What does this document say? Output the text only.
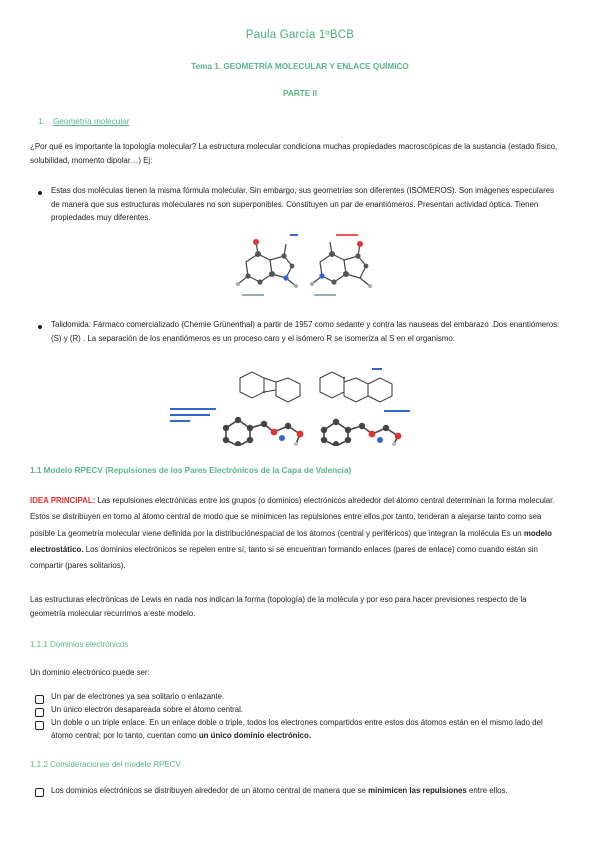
Paula García 1ºBCB
Tema 1. GEOMETRÍA MOLECULAR Y ENLACE QUÍMICO
PARTE II
1. Geometría molecular
¿Por qué es importante la topología molecular? La estructura molecular condiciona muchas propiedades macroscópicas de la sustancia (estado físico, solubilidad, momento dipolar…) Ej:
Estas dos moléculas tienen la misma fórmula molecular. Sin embargo, sus geometrías son diferentes (ISÓMEROS). Son imágenes especulares de manera que sus estructuras moleculares no son superponibles. Constituyen un par de enantiómeros. Presentan actividad óptica. Tienen propiedades muy diferentes.
Talidomida: Fármaco comercializado (Chemie Grünenthal) a partir de 1957 como sedante y contra las nauseas del embarazo .Dos enantiómeros: (S) y (R) . La separación de los enantiómeros es un proceso caro y el isómero R se isomeriza al S en el organismo.
1.1 Modelo RPECV (Repulsiones de los Pares Electrónicos de la Capa de Valencia)
IDEA PRINCIPAL: Las repulsiones electrónicas entre los grupos (o dominios) electrónicos alrededor del átomo central determinan la forma molecular. Estos se distribuyen en torno al átomo central de modo que se minimicen las repulsiones entre ellos,por tanto, tenderan a alejarse tanto como sea posible La geometría molecular viene definida por la distribuciónespacial de los átomos (central y periféricos) que integran la molécula Es un modelo electrostático. Los dominios electrónicos se repelen entre sí, tanto si se encuentran formando enlaces (pares de enlace) como cuando están sin compartir (pares solitarios).
Las estructuras electrónicas de Lewis en nada nos indican la forma (topología) de la molécula y por eso para hacer previsiones respecto de la geometría molecular recurrimos a este modelo.
1.1.1 Dominios electrónicos
Un dominio electrónico puede ser:
Un par de electrones ya sea solitario o enlazante.
Un único electrón desapareada sobre el átomo central.
Un doble o un triple enlace. En un enlace doble o triple, todos los electrones compartidos entre estos dos átomos están en el mismo lado del átomo central; por lo tanto, cuentan como un único dominio electrónico.
1.1.2 Consideraciones del modelo RPECV
Los dominios electrónicos se distribuyen alrededor de un átomo central de manera que se minimicen las repulsiones entre ellos.
